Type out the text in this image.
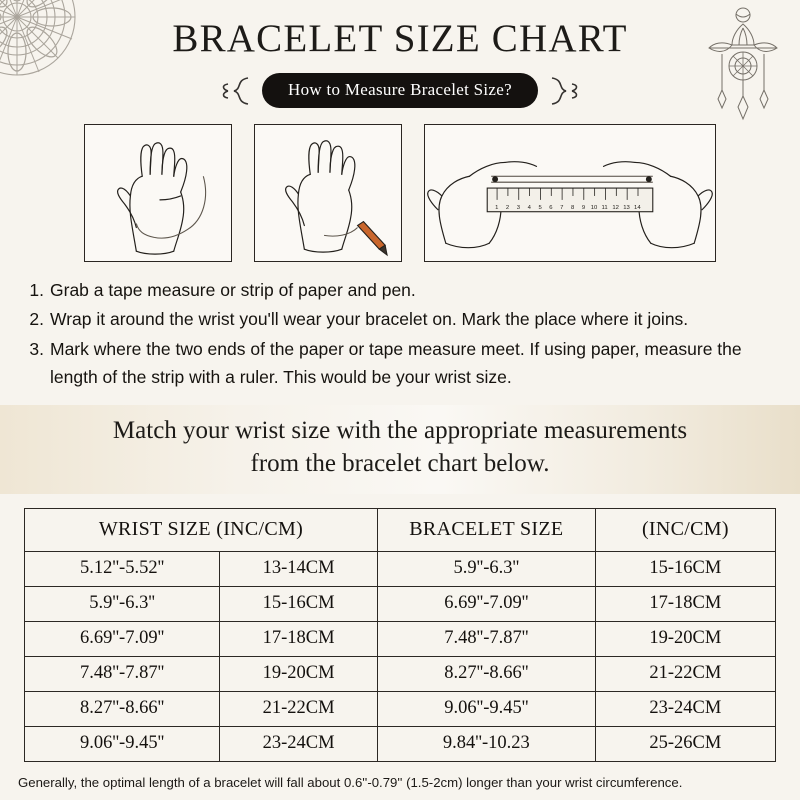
BRACELET SIZE CHART
How to Measure Bracelet Size?
1 2 3 4 5 6 7 8 9 10 11 12 13 14
1. Grab a tape measure or strip of paper and pen.
2. Wrap it around the wrist you'll wear your bracelet on. Mark the place where it joins.
3. Mark where the two ends of the paper or tape measure meet. If using paper, measure the length of the strip with a ruler. This would be your wrist size.
Match your wrist size with the appropriate measurements
from the bracelet chart below.
WRIST SIZE (INC/CM)		BRACELET SIZE	(INC/CM)
5.12''-5.52''	13-14CM	5.9''-6.3''	15-16CM
5.9''-6.3''	15-16CM	6.69''-7.09''	17-18CM
6.69''-7.09''	17-18CM	7.48''-7.87''	19-20CM
7.48''-7.87''	19-20CM	8.27''-8.66''	21-22CM
8.27''-8.66''	21-22CM	9.06''-9.45''	23-24CM
9.06''-9.45''	23-24CM	9.84''-10.23	25-26CM
Generally, the optimal length of a bracelet will fall about 0.6''-0.79'' (1.5-2cm) longer than your wrist circumference.
